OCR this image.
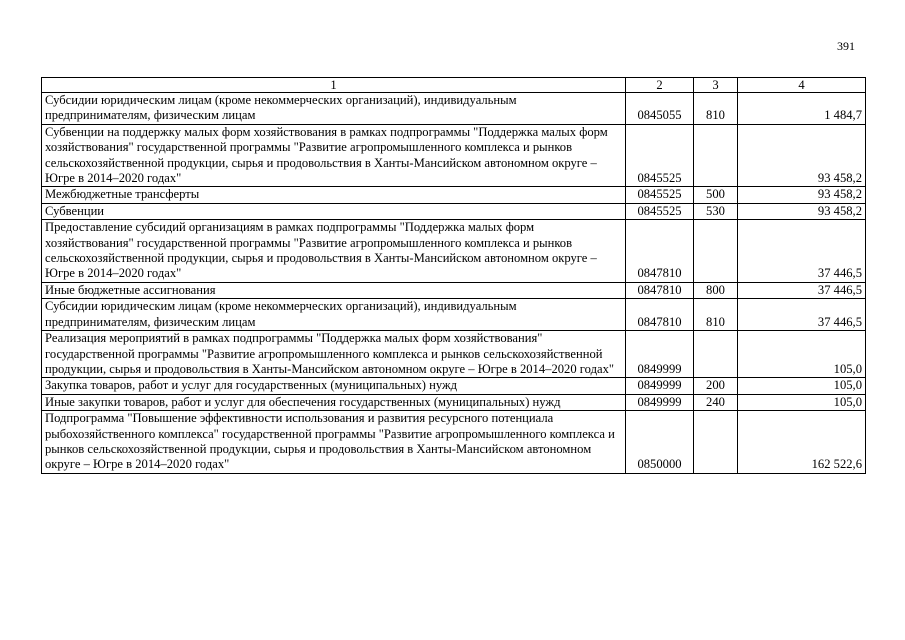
391
1	2	3	4
Субсидии юридическим лицам (кроме некоммерческих организаций), индивидуальным предпринимателям, физическим лицам	0845055	810	1 484,7
Субвенции на поддержку малых форм хозяйствования в рамках подпрограммы "Поддержка малых форм хозяйствования" государственной программы "Развитие агропромышленного комплекса и рынков сельскохозяйственной продукции, сырья и продовольствия в Ханты-Мансийском автономном округе – Югре в 2014–2020 годах"	0845525		93 458,2
Межбюджетные трансферты	0845525	500	93 458,2
Субвенции	0845525	530	93 458,2
Предоставление субсидий организациям в рамках подпрограммы "Поддержка малых форм хозяйствования" государственной программы "Развитие агропромышленного комплекса и рынков сельскохозяйственной продукции, сырья и продовольствия в Ханты-Мансийском автономном округе – Югре в 2014–2020 годах"	0847810		37 446,5
Иные бюджетные ассигнования	0847810	800	37 446,5
Субсидии юридическим лицам (кроме некоммерческих организаций), индивидуальным предпринимателям, физическим лицам	0847810	810	37 446,5
Реализация мероприятий в рамках подпрограммы "Поддержка малых форм хозяйствования" государственной программы "Развитие агропромышленного комплекса и рынков сельскохозяйственной продукции, сырья и продовольствия в Ханты-Мансийском автономном округе – Югре в 2014–2020 годах"	0849999		105,0
Закупка товаров, работ и услуг для государственных (муниципальных) нужд	0849999	200	105,0
Иные закупки товаров, работ и услуг для обеспечения государственных (муниципальных) нужд	0849999	240	105,0
Подпрограмма "Повышение эффективности использования и развития ресурсного потенциала рыбохозяйственного комплекса" государственной программы "Развитие агропромышленного комплекса и рынков сельскохозяйственной продукции, сырья и продовольствия в Ханты-Мансийском автономном округе – Югре в 2014–2020 годах"	0850000		162 522,6
